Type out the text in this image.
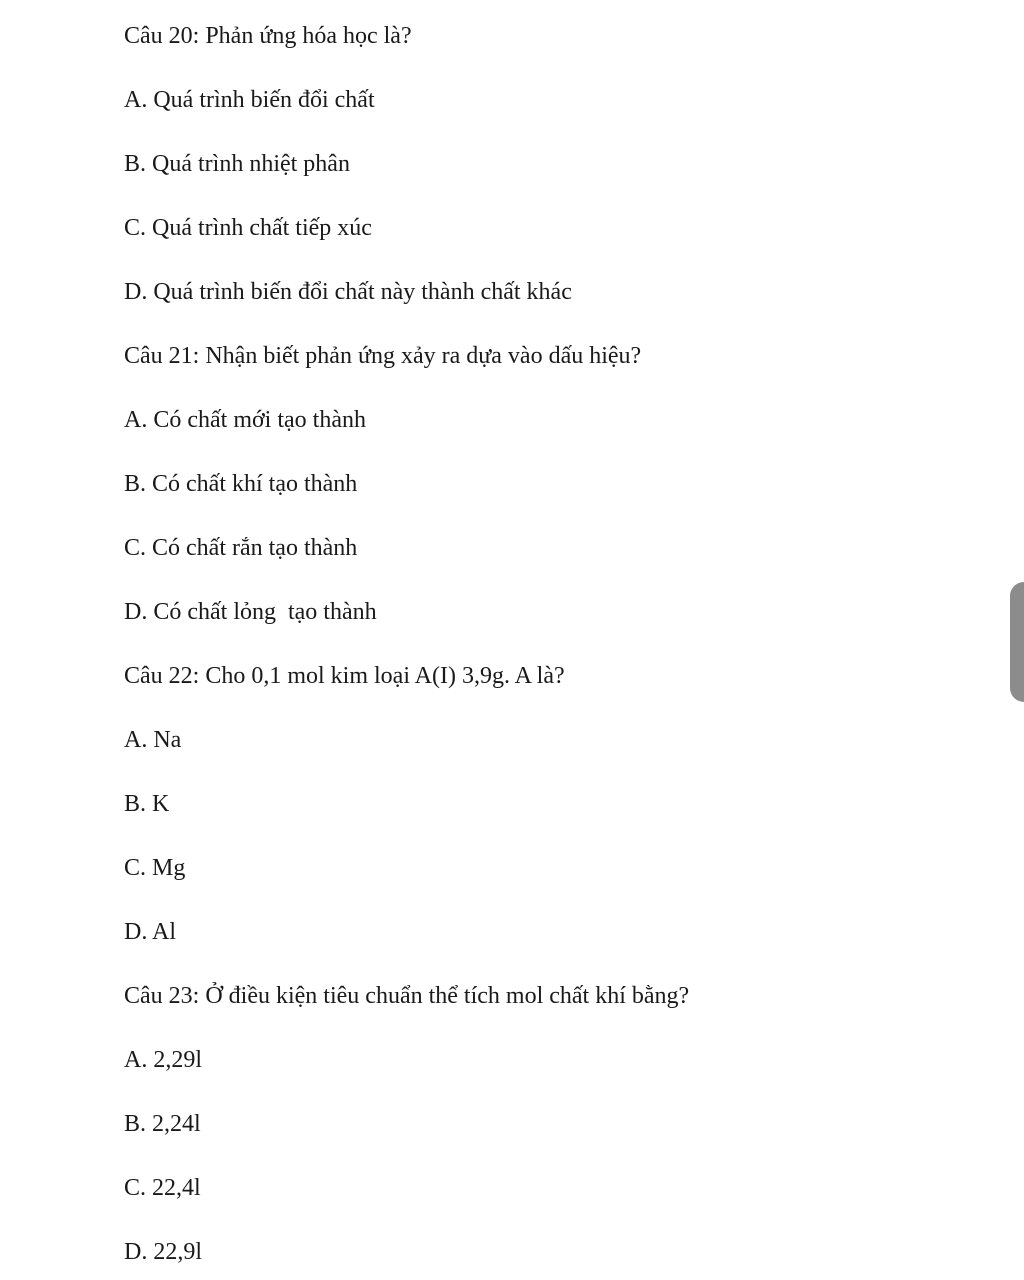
Câu 20: Phản ứng hóa học là?
A. Quá trình biến đổi chất
B. Quá trình nhiệt phân
C. Quá trình chất tiếp xúc
D. Quá trình biến đổi chất này thành chất khác
Câu 21: Nhận biết phản ứng xảy ra dựa vào dấu hiệu?
A. Có chất mới tạo thành
B. Có chất khí tạo thành
C. Có chất rắn tạo thành
D. Có chất lỏng  tạo thành
Câu 22: Cho 0,1 mol kim loại A(I) 3,9g. A là?
A. Na
B. K
C. Mg
D. Al
Câu 23: Ở điều kiện tiêu chuẩn thể tích mol chất khí bằng?
A. 2,29l
B. 2,24l
C. 22,4l
D. 22,9l
